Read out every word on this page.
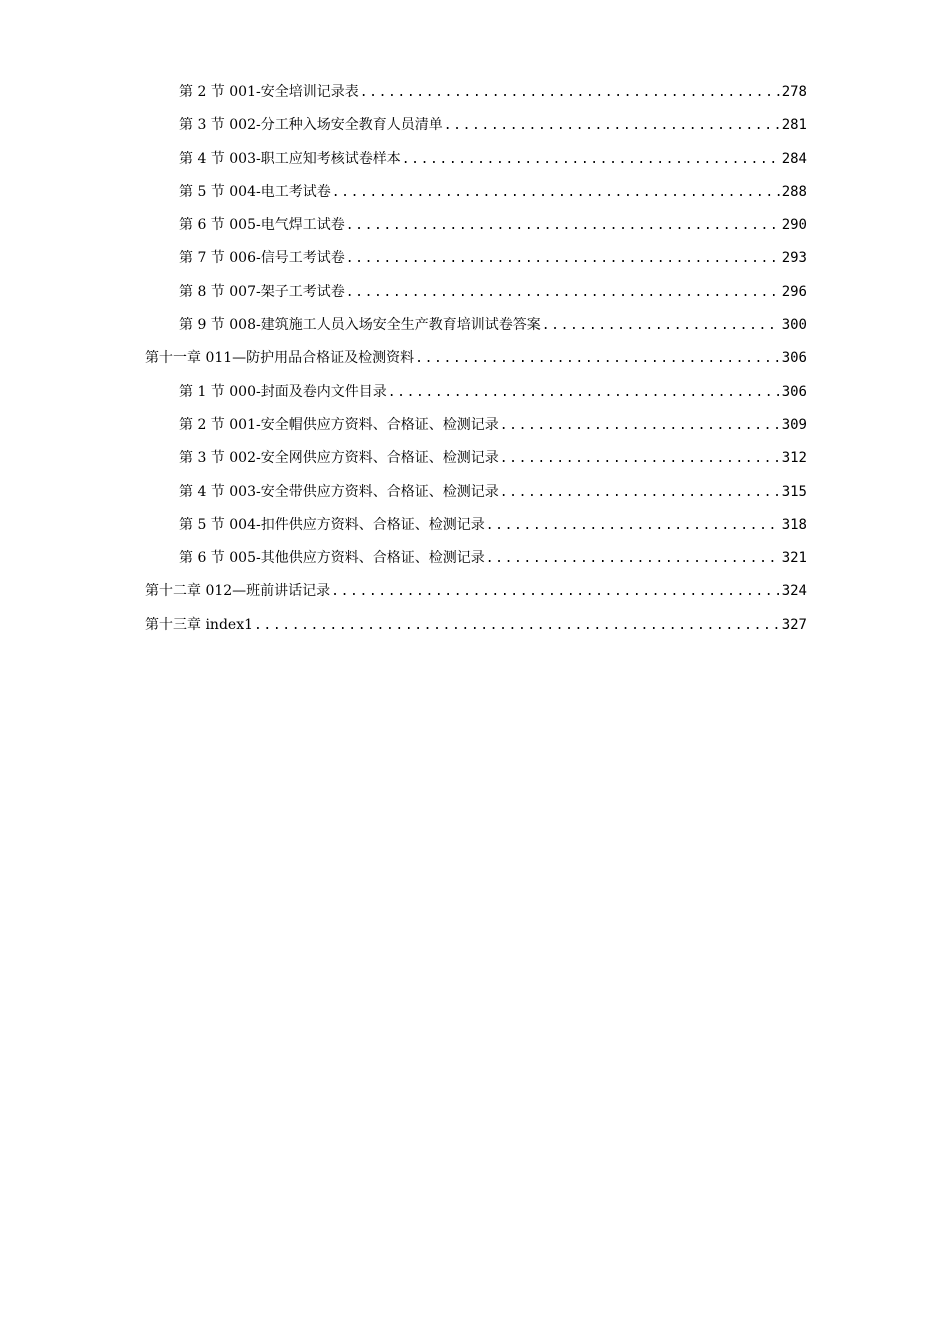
第 2 节 001-安全培训记录表 .....	278
第 3 节 002-分工种入场安全教育人员清单 .....	281
第 4 节 003-职工应知考核试卷样本 .....	284
第 5 节 004-电工考试卷 .....	288
第 6 节 005-电气焊工试卷 .....	290
第 7 节 006-信号工考试卷 .....	293
第 8 节 007-架子工考试卷 .....	296
第 9 节 008-建筑施工人员入场安全生产教育培训试卷答案 .....	300
第十一章 011—防护用品合格证及检测资料 .....	306
第 1 节 000-封面及卷内文件目录 .....	306
第 2 节 001-安全帽供应方资料、合格证、检测记录 .....	309
第 3 节 002-安全网供应方资料、合格证、检测记录 .....	312
第 4 节 003-安全带供应方资料、合格证、检测记录 .....	315
第 5 节 004-扣件供应方资料、合格证、检测记录 .....	318
第 6 节 005-其他供应方资料、合格证、检测记录 .....	321
第十二章 012—班前讲话记录 .....	324
第十三章 index1 .....	327
